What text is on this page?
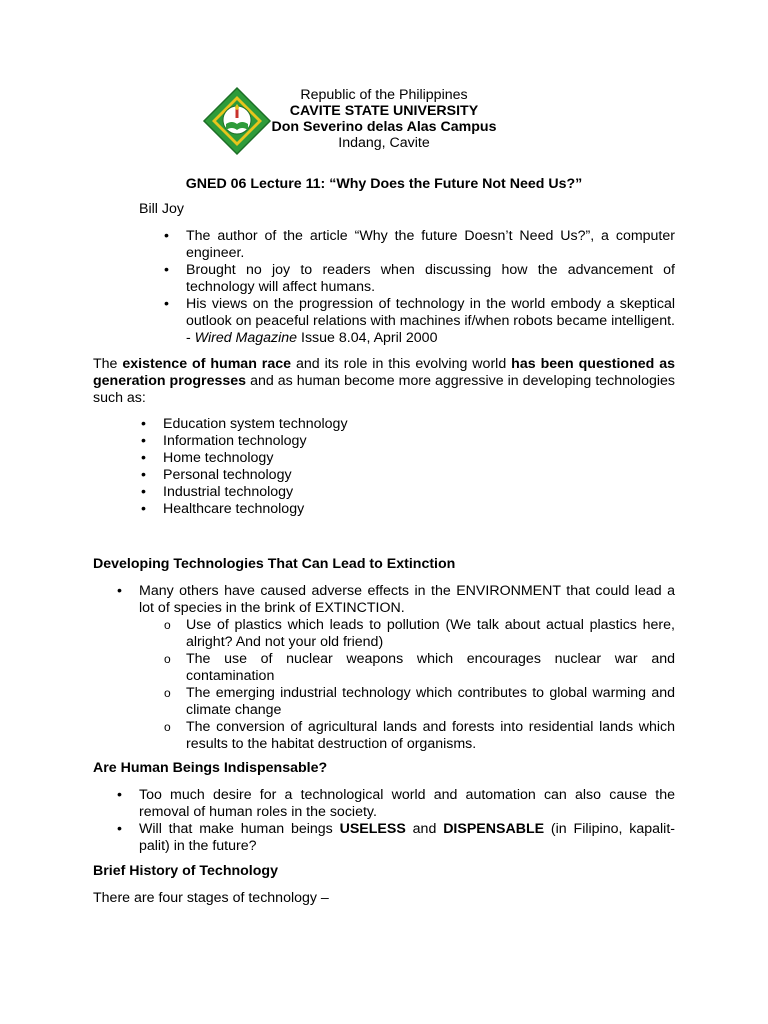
Republic of the Philippines
CAVITE STATE UNIVERSITY
Don Severino delas Alas Campus
Indang, Cavite
GNED 06 Lecture 11: “Why Does the Future Not Need Us?”
Bill Joy
• The author of the article “Why the future Doesn’t Need Us?”, a computer engineer.
• Brought no joy to readers when discussing how the advancement of technology will affect humans.
• His views on the progression of technology in the world embody a skeptical outlook on peaceful relations with machines if/when robots became intelligent.
- Wired Magazine Issue 8.04, April 2000
The existence of human race and its role in this evolving world has been questioned as generation progresses and as human become more aggressive in developing technologies such as:
• Education system technology
• Information technology
• Home technology
• Personal technology
• Industrial technology
• Healthcare technology
Developing Technologies That Can Lead to Extinction
• Many others have caused adverse effects in the ENVIRONMENT that could lead a lot of species in the brink of EXTINCTION.
o Use of plastics which leads to pollution (We talk about actual plastics here, alright? And not your old friend)
o The use of nuclear weapons which encourages nuclear war and contamination
o The emerging industrial technology which contributes to global warming and climate change
o The conversion of agricultural lands and forests into residential lands which results to the habitat destruction of organisms.
Are Human Beings Indispensable?
• Too much desire for a technological world and automation can also cause the removal of human roles in the society.
• Will that make human beings USELESS and DISPENSABLE (in Filipino, kapalit-palit) in the future?
Brief History of Technology
There are four stages of technology –
